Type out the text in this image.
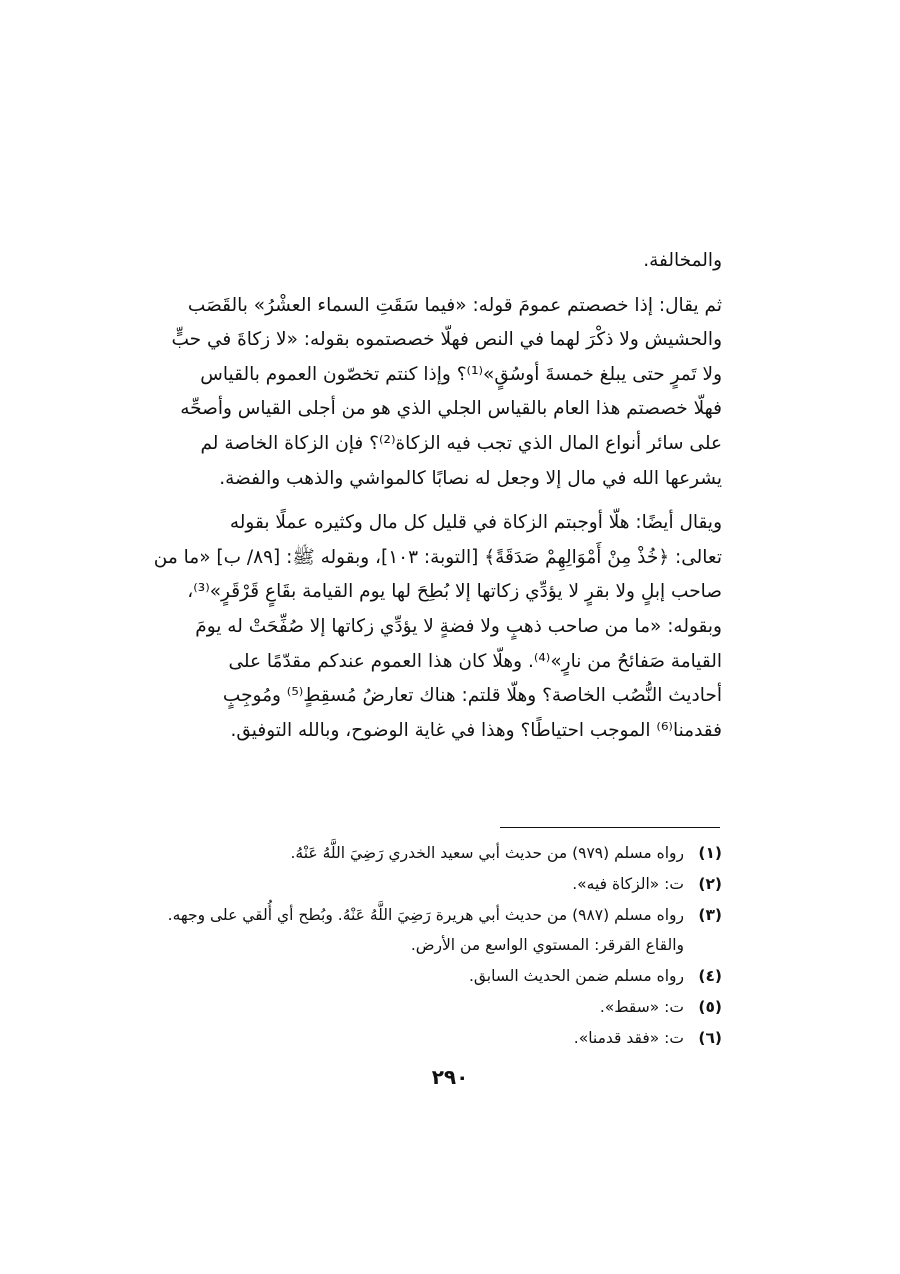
والمخالفة.
ثم يقال: إذا خصصتم عمومَ قوله: «فيما سَقَتِ السماء العشْرُ» بالقَصَب
والحشيش ولا ذكْرَ لهما في النص فهلّا خصصتموه بقوله: «لا زكاةَ في حبٍّ
ولا تَمرٍ حتى يبلغ خمسةَ أوسُقٍ»⁽¹⁾؟ وإذا كنتم تخصّون العموم بالقياس
فهلّا خصصتم هذا العام بالقياس الجلي الذي هو من أجلى القياس وأصحِّه
على سائر أنواع المال الذي تجب فيه الزكاة⁽²⁾؟ فإن الزكاة الخاصة لم
يشرعها الله في مال إلا وجعل له نصابًا كالمواشي والذهب والفضة.
ويقال أيضًا: هلّا أوجبتم الزكاة في قليل كل مال وكثيره عملًا بقوله
تعالى: ﴿خُذْ مِنْ أَمْوَالِهِمْ صَدَقَةً﴾ [التوبة: ١٠٣]، وبقوله ﷺ: [٨٩/ ب] «ما من
صاحب إبلٍ ولا بقرٍ لا يؤدِّي زكاتها إلا بُطِحَ لها يوم القيامة بقَاعٍ قَرْقَرٍ»⁽³⁾،
وبقوله: «ما من صاحب ذهبٍ ولا فضةٍ لا يؤدِّي زكاتها إلا صُفِّحَتْ له يومَ
القيامة صَفائحُ من نارٍ»⁽⁴⁾. وهلّا كان هذا العموم عندكم مقدّمًا على
أحاديث النُّصُب الخاصة؟ وهلّا قلتم: هناك تعارضُ مُسقِطٍ⁽⁵⁾ ومُوجِبٍ
فقدمنا⁽⁶⁾ الموجب احتياطًا؟ وهذا في غاية الوضوح، وبالله التوفيق.
(١)رواه مسلم (٩٧٩) من حديث أبي سعيد الخدري رَضِيَ اللَّهُ عَنْهُ.
(٢)ت: «الزكاة فيه».
(٣)رواه مسلم (٩٨٧) من حديث أبي هريرة رَضِيَ اللَّهُ عَنْهُ. وبُطح أي أُلقي على وجهه.
والقاع القرقر: المستوي الواسع من الأرض.
(٤)رواه مسلم ضمن الحديث السابق.
(٥)ت: «سقط».
(٦)ت: «فقد قدمنا».
٢٩٠
